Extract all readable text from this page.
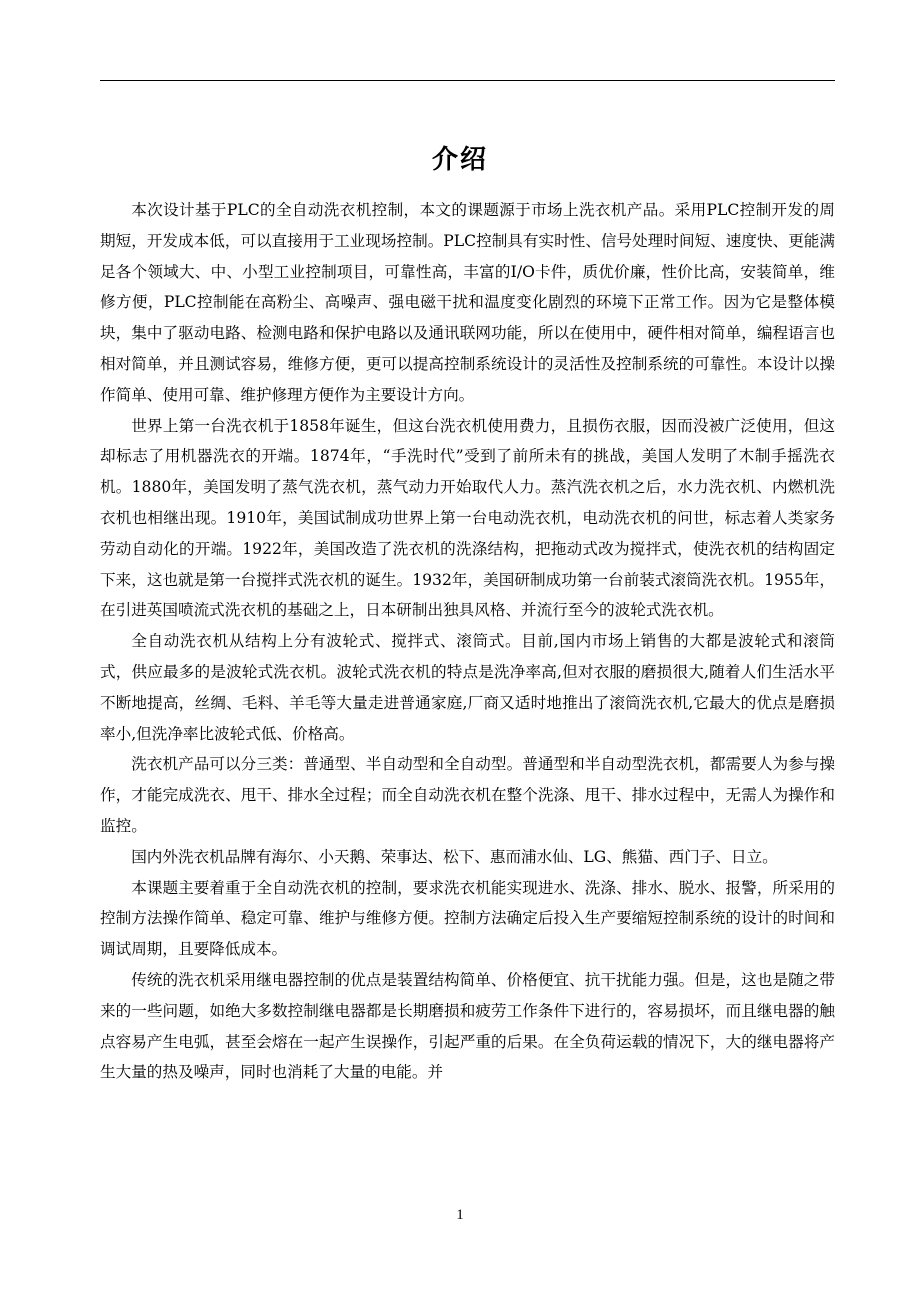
介绍

本次设计基于PLC的全自动洗衣机控制，本文的课题源于市场上洗衣机产品。采用PLC控制开发的周期短，开发成本低，可以直接用于工业现场控制。PLC控制具有实时性、信号处理时间短、速度快、更能满足各个领域大、中、小型工业控制项目，可靠性高，丰富的I/O卡件，质优价廉，性价比高，安装简单，维修方便，PLC控制能在高粉尘、高噪声、强电磁干扰和温度变化剧烈的环境下正常工作。因为它是整体模块，集中了驱动电路、检测电路和保护电路以及通讯联网功能，所以在使用中，硬件相对简单，编程语言也相对简单，并且测试容易，维修方便，更可以提高控制系统设计的灵活性及控制系统的可靠性。本设计以操作简单、使用可靠、维护修理方便作为主要设计方向。

世界上第一台洗衣机于1858年诞生，但这台洗衣机使用费力，且损伤衣服，因而没被广泛使用，但这却标志了用机器洗衣的开端。1874年，“手洗时代”受到了前所未有的挑战，美国人发明了木制手摇洗衣机。1880年，美国发明了蒸气洗衣机，蒸气动力开始取代人力。蒸汽洗衣机之后，水力洗衣机、内燃机洗衣机也相继出现。1910年，美国试制成功世界上第一台电动洗衣机，电动洗衣机的问世，标志着人类家务劳动自动化的开端。1922年，美国改造了洗衣机的洗涤结构，把拖动式改为搅拌式，使洗衣机的结构固定下来，这也就是第一台搅拌式洗衣机的诞生。1932年，美国研制成功第一台前装式滚筒洗衣机。1955年，在引进英国喷流式洗衣机的基础之上，日本研制出独具风格、并流行至今的波轮式洗衣机。

全自动洗衣机从结构上分有波轮式、搅拌式、滚筒式。目前,国内市场上销售的大都是波轮式和滚筒式，供应最多的是波轮式洗衣机。波轮式洗衣机的特点是洗净率高,但对衣服的磨损很大,随着人们生活水平不断地提高，丝绸、毛料、羊毛等大量走进普通家庭,厂商又适时地推出了滚筒洗衣机,它最大的优点是磨损率小,但洗净率比波轮式低、价格高。

洗衣机产品可以分三类：普通型、半自动型和全自动型。普通型和半自动型洗衣机，都需要人为参与操作，才能完成洗衣、甩干、排水全过程；而全自动洗衣机在整个洗涤、甩干、排水过程中，无需人为操作和监控。

国内外洗衣机品牌有海尔、小天鹅、荣事达、松下、惠而浦水仙、LG、熊猫、西门子、日立。

本课题主要着重于全自动洗衣机的控制，要求洗衣机能实现进水、洗涤、排水、脱水、报警，所采用的控制方法操作简单、稳定可靠、维护与维修方便。控制方法确定后投入生产要缩短控制系统的设计的时间和调试周期，且要降低成本。

传统的洗衣机采用继电器控制的优点是装置结构简单、价格便宜、抗干扰能力强。但是，这也是随之带来的一些问题，如绝大多数控制继电器都是长期磨损和疲劳工作条件下进行的，容易损坏，而且继电器的触点容易产生电弧，甚至会熔在一起产生误操作，引起严重的后果。在全负荷运载的情况下，大的继电器将产生大量的热及噪声，同时也消耗了大量的电能。并

1
